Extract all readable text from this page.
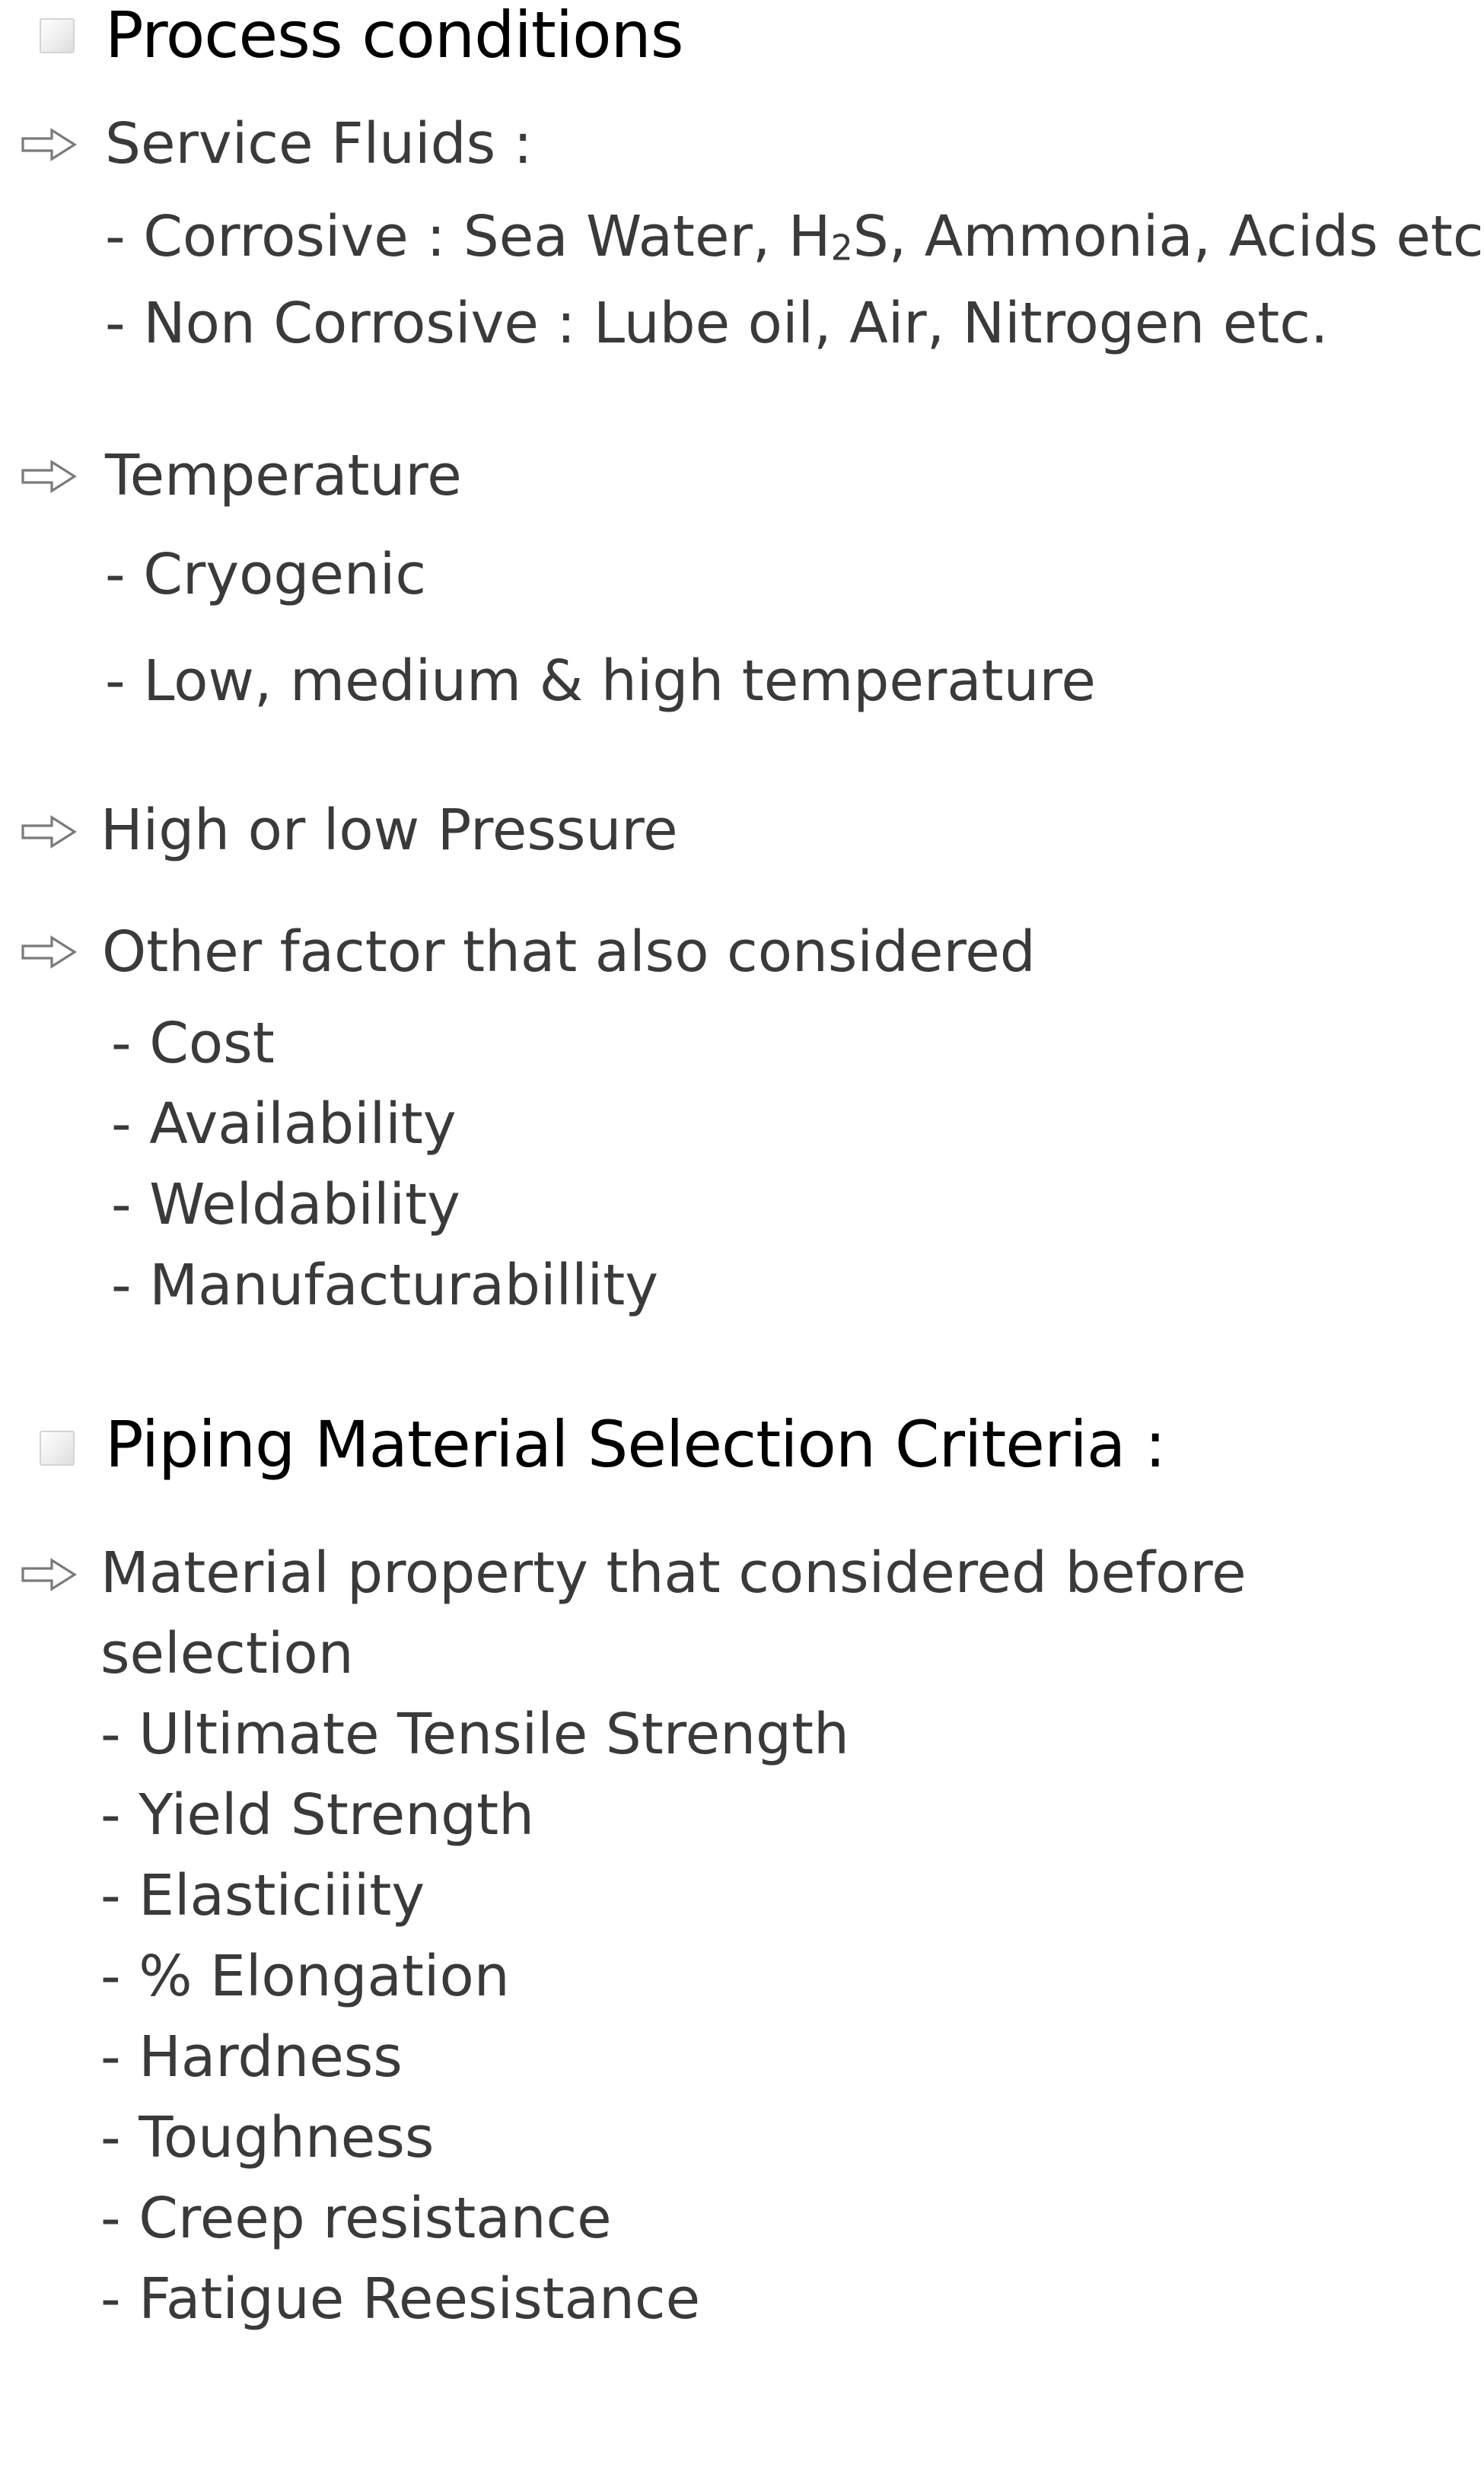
Process conditions
Service Fluids :
- Corrosive : Sea Water, H2S, Ammonia, Acids etc
- Non Corrosive : Lube oil, Air, Nitrogen etc.
Temperature
- Cryogenic
- Low, medium & high temperature
High or low Pressure
Other factor that also considered
- Cost
- Availability
- Weldability
- Manufacturabillity
Piping Material Selection Criteria :
Material property that considered before
selection
- Ultimate Tensile Strength
- Yield Strength
- Elasticiiity
- % Elongation
- Hardness
- Toughness
- Creep resistance
- Fatigue Reesistance
